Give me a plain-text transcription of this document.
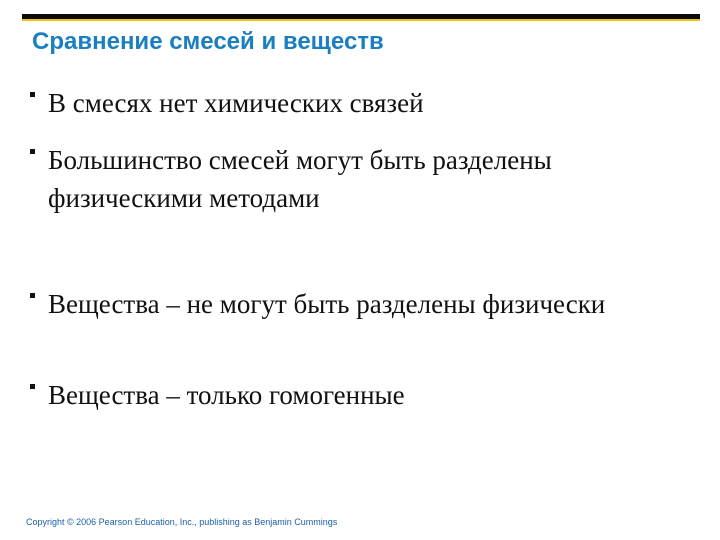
Сравнение смесей и веществ
В смесях нет химических связей
Большинство смесей могут быть разделены физическими методами
Вещества – не могут быть разделены физически
Вещества – только гомогенные
Copyright © 2006 Pearson Education, Inc., publishing as Benjamin Cummings
